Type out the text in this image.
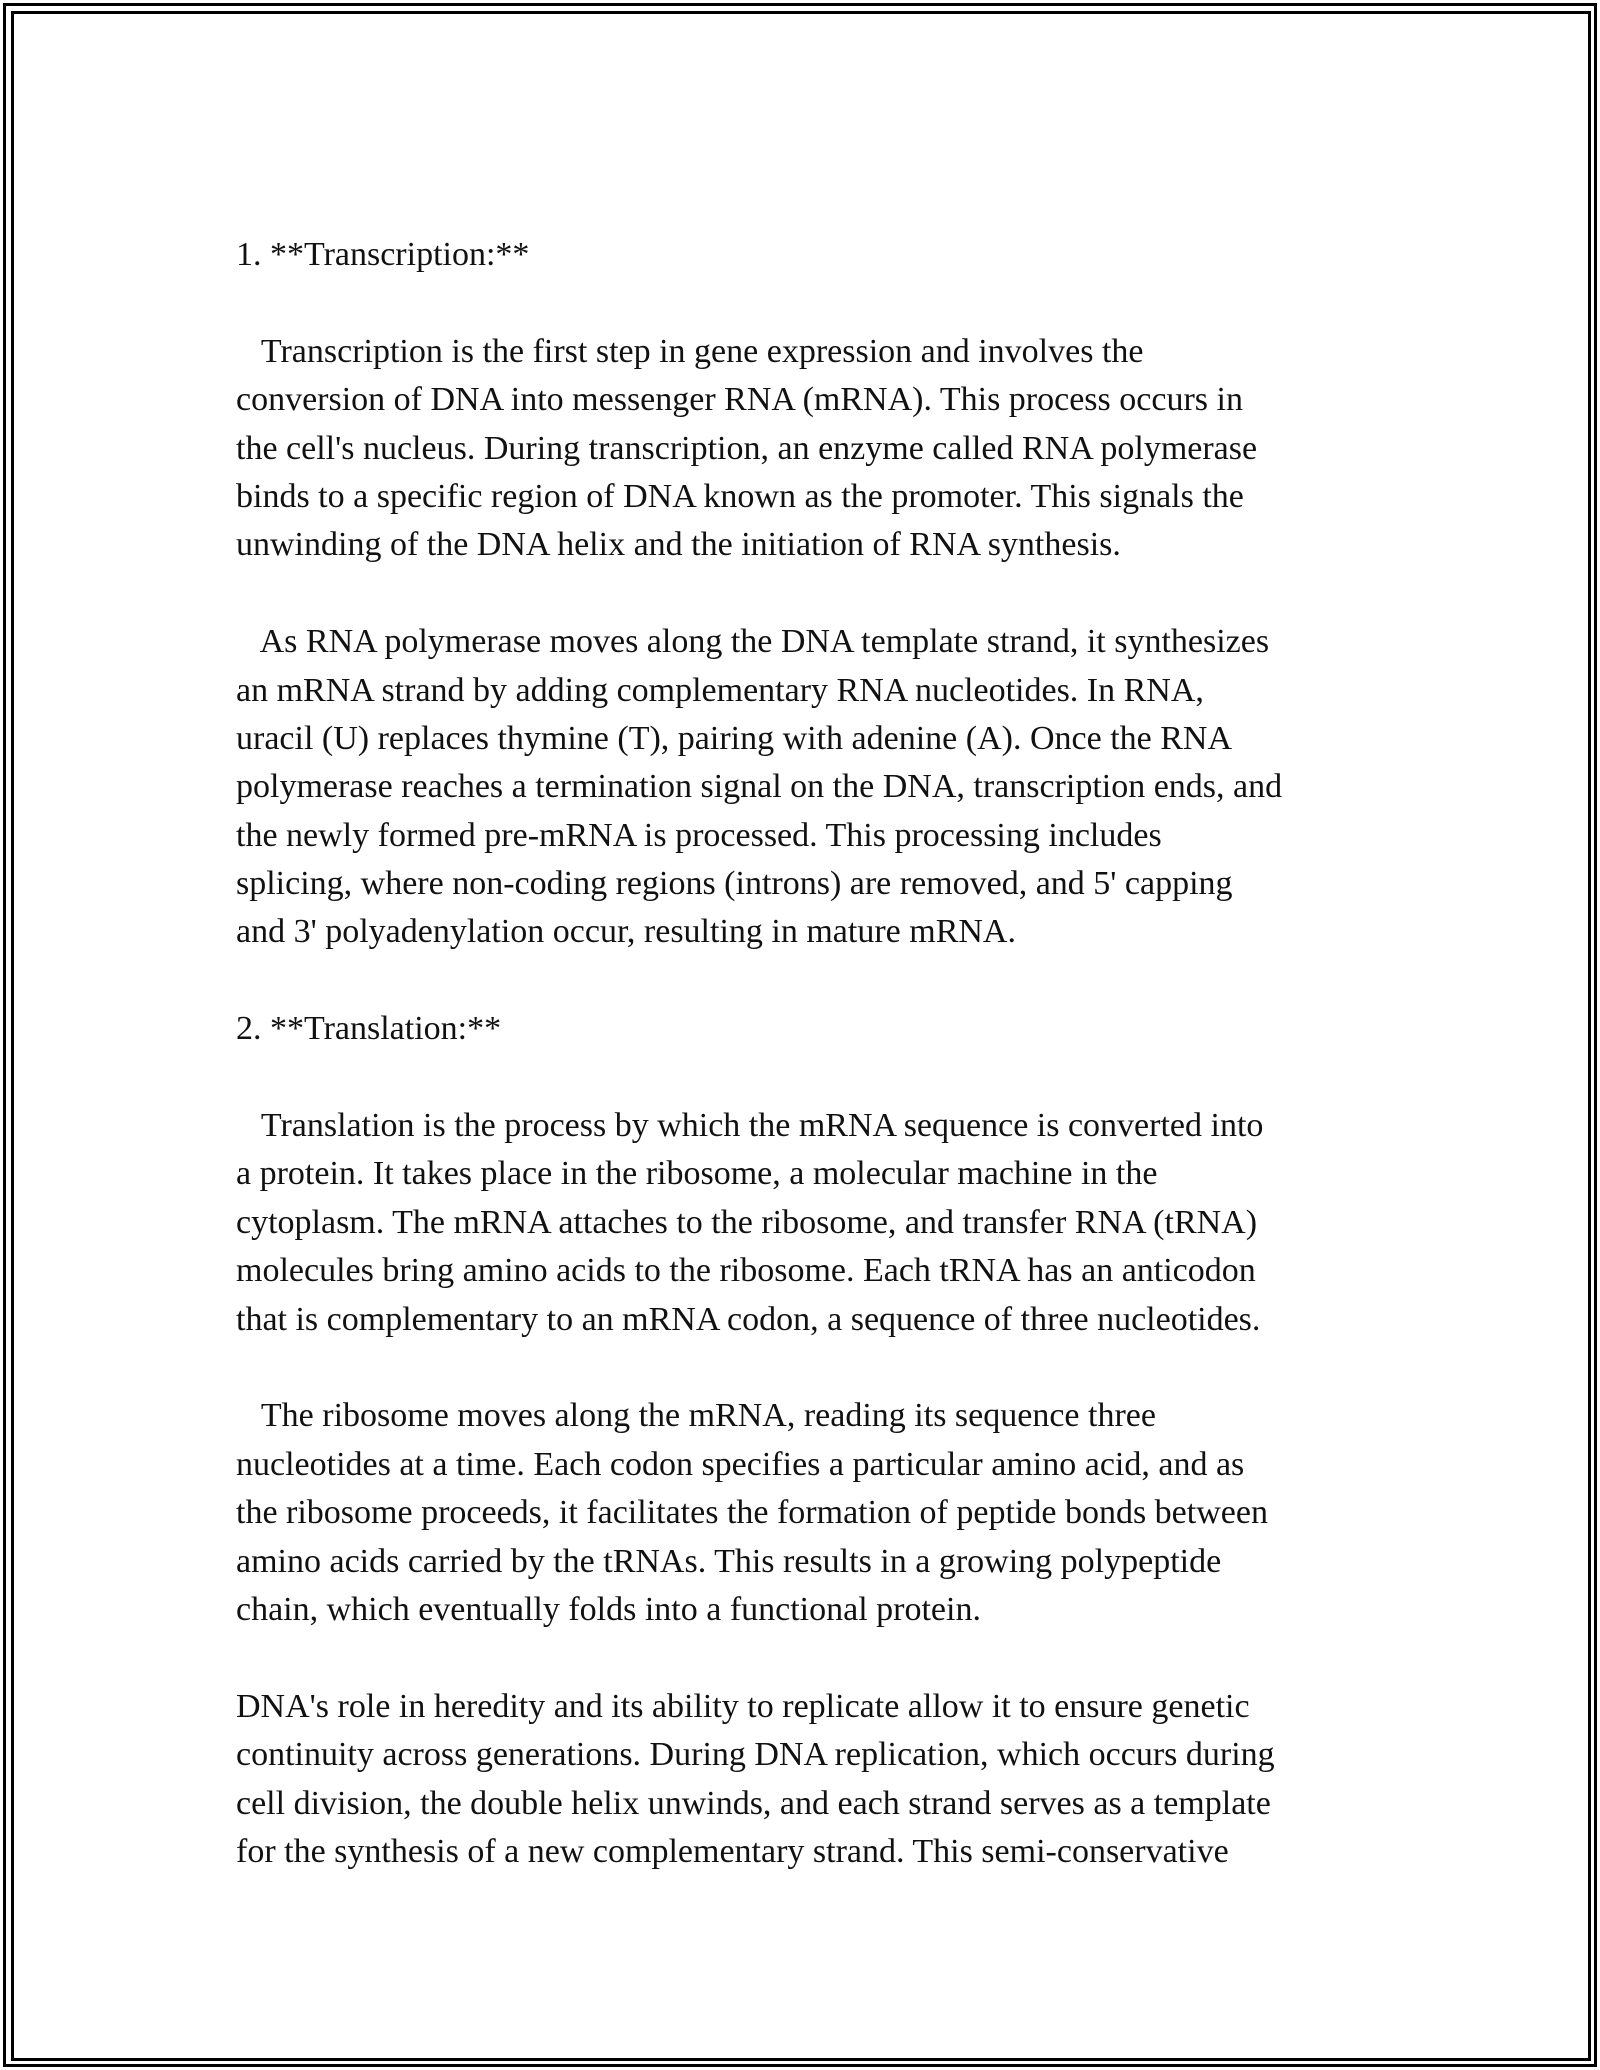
1. **Transcription:**
Transcription is the first step in gene expression and involves the
conversion of DNA into messenger RNA (mRNA). This process occurs in
the cell's nucleus. During transcription, an enzyme called RNA polymerase
binds to a specific region of DNA known as the promoter. This signals the
unwinding of the DNA helix and the initiation of RNA synthesis.
As RNA polymerase moves along the DNA template strand, it synthesizes
an mRNA strand by adding complementary RNA nucleotides. In RNA,
uracil (U) replaces thymine (T), pairing with adenine (A). Once the RNA
polymerase reaches a termination signal on the DNA, transcription ends, and
the newly formed pre-mRNA is processed. This processing includes
splicing, where non-coding regions (introns) are removed, and 5' capping
and 3' polyadenylation occur, resulting in mature mRNA.
2. **Translation:**
Translation is the process by which the mRNA sequence is converted into
a protein. It takes place in the ribosome, a molecular machine in the
cytoplasm. The mRNA attaches to the ribosome, and transfer RNA (tRNA)
molecules bring amino acids to the ribosome. Each tRNA has an anticodon
that is complementary to an mRNA codon, a sequence of three nucleotides.
The ribosome moves along the mRNA, reading its sequence three
nucleotides at a time. Each codon specifies a particular amino acid, and as
the ribosome proceeds, it facilitates the formation of peptide bonds between
amino acids carried by the tRNAs. This results in a growing polypeptide
chain, which eventually folds into a functional protein.
DNA's role in heredity and its ability to replicate allow it to ensure genetic
continuity across generations. During DNA replication, which occurs during
cell division, the double helix unwinds, and each strand serves as a template
for the synthesis of a new complementary strand. This semi-conservative
